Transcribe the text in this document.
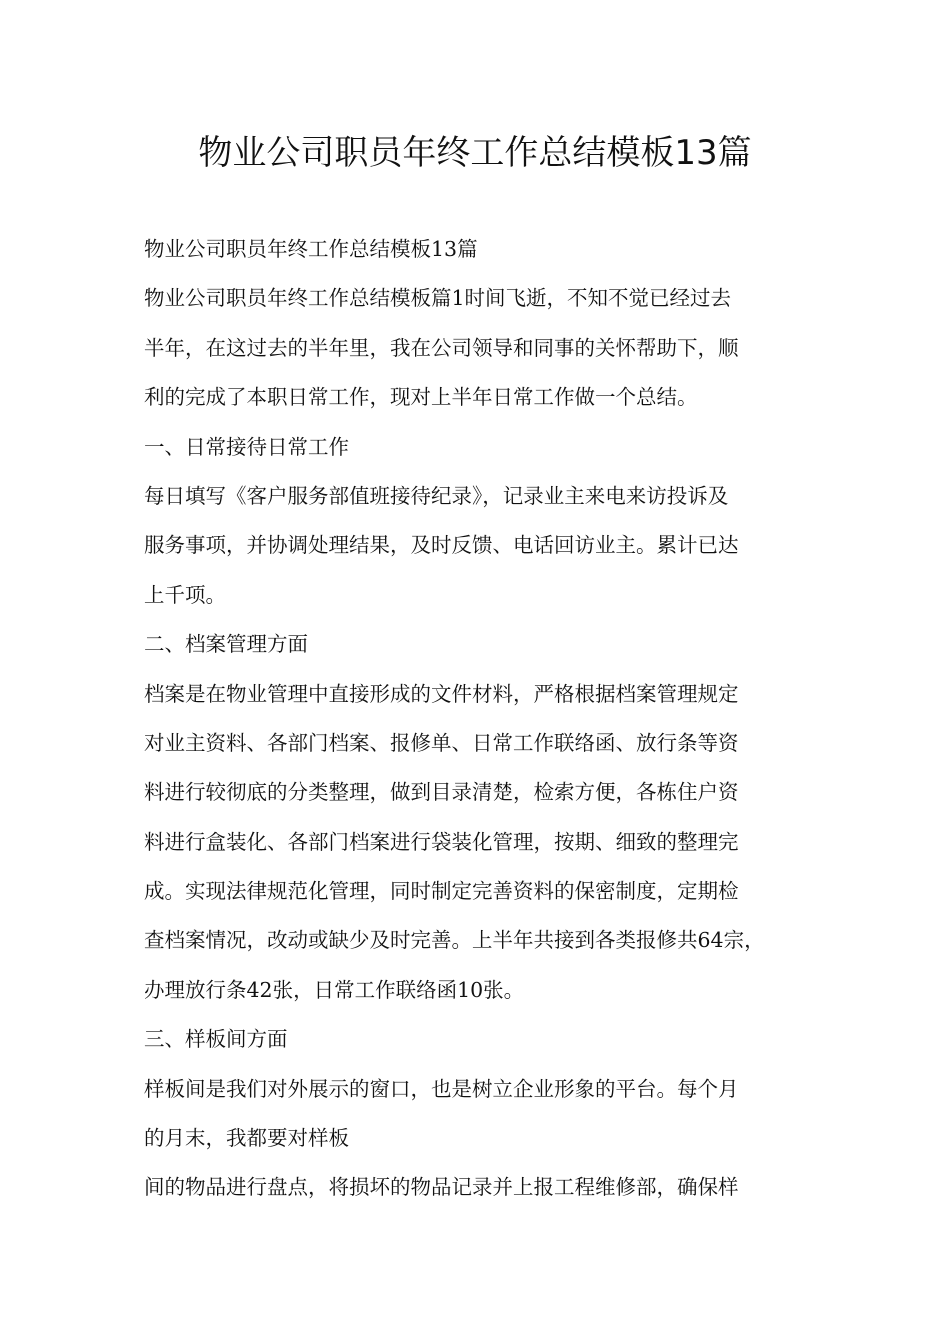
物业公司职员年终工作总结模板13篇

物业公司职员年终工作总结模板13篇

物业公司职员年终工作总结模板篇1时间飞逝，不知不觉已经过去

半年，在这过去的半年里，我在公司领导和同事的关怀帮助下，顺

利的完成了本职日常工作，现对上半年日常工作做一个总结。

一、日常接待日常工作

每日填写《客户服务部值班接待纪录》，记录业主来电来访投诉及

服务事项，并协调处理结果，及时反馈、电话回访业主。累计已达

上千项。

二、档案管理方面

档案是在物业管理中直接形成的文件材料，严格根据档案管理规定

对业主资料、各部门档案、报修单、日常工作联络函、放行条等资

料进行较彻底的分类整理，做到目录清楚，检索方便，各栋住户资

料进行盒装化、各部门档案进行袋装化管理，按期、细致的整理完

成。实现法律规范化管理，同时制定完善资料的保密制度，定期检

查档案情况，改动或缺少及时完善。上半年共接到各类报修共64宗，

办理放行条42张，日常工作联络函10张。

三、样板间方面

样板间是我们对外展示的窗口，也是树立企业形象的平台。每个月

的月末，我都要对样板

间的物品进行盘点，将损坏的物品记录并上报工程维修部，确保样
